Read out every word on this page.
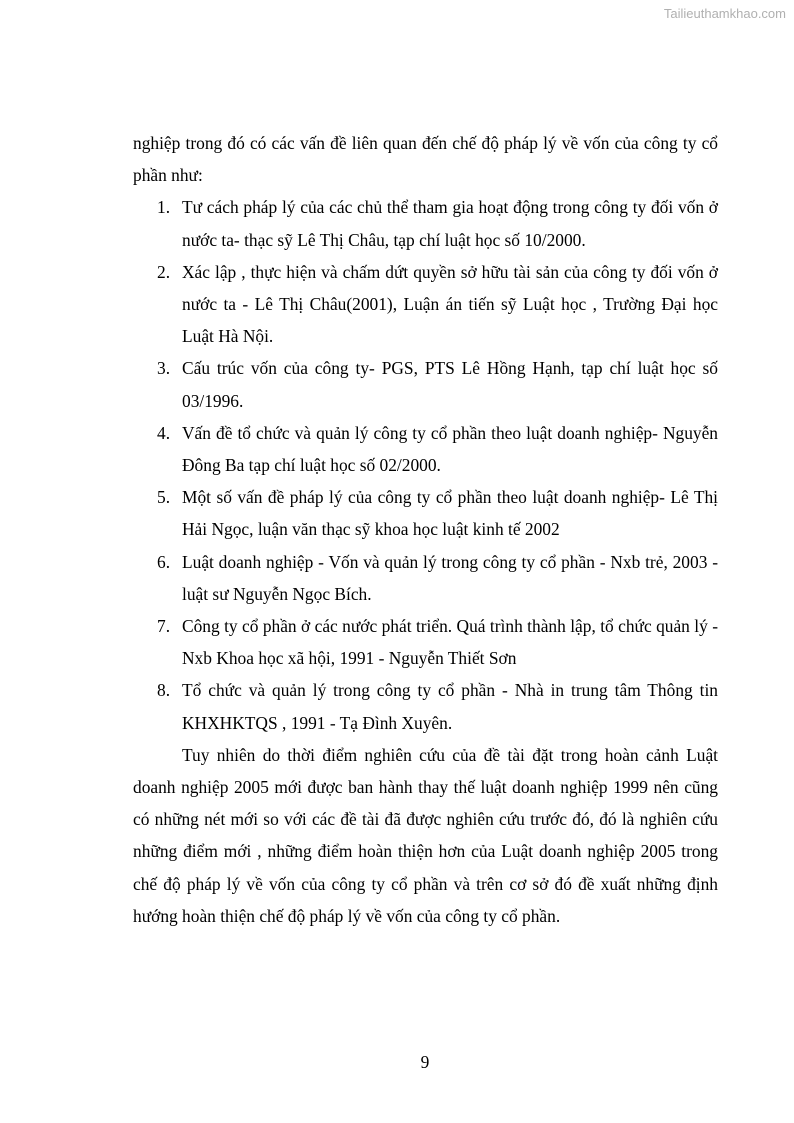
Tailieuthamkhao.com

nghiệp trong đó có các vấn đề liên quan đến chế độ pháp lý về vốn của công ty cổ phần như:

1. Tư cách pháp lý của các chủ thể tham gia hoạt động trong công ty đối vốn ở nước ta- thạc sỹ Lê Thị Châu, tạp chí luật học số 10/2000.
2. Xác lập , thực hiện và chấm dứt quyền sở hữu tài sản của công ty đối vốn ở nước ta - Lê Thị Châu(2001), Luận án tiến sỹ Luật học , Trường Đại học Luật Hà Nội.
3. Cấu trúc vốn của công ty- PGS, PTS Lê Hồng Hạnh, tạp chí luật học số 03/1996.
4. Vấn đề tổ chức và quản lý công ty cổ phần theo luật doanh nghiệp- Nguyễn Đông Ba tạp chí luật học số 02/2000.
5. Một số vấn đề pháp lý của công ty cổ phần theo luật doanh nghiệp- Lê Thị Hải Ngọc, luận văn thạc sỹ khoa học luật kinh tế 2002
6. Luật doanh nghiệp - Vốn và quản lý trong công ty cổ phần - Nxb trẻ, 2003 - luật sư Nguyễn Ngọc Bích.
7. Công ty cổ phần ở các nước phát triển. Quá trình thành lập, tổ chức quản lý - Nxb Khoa học xã hội, 1991 - Nguyễn Thiết Sơn
8. Tổ chức và quản lý trong công ty cổ phần - Nhà in trung tâm Thông tin KHXHKTQS , 1991 - Tạ Đình Xuyên.

Tuy nhiên do thời điểm nghiên cứu của đề tài đặt trong hoàn cảnh Luật doanh nghiệp 2005 mới được ban hành thay thế luật doanh nghiệp 1999 nên cũng có những nét mới so với các đề tài đã được nghiên cứu trước đó, đó là nghiên cứu những điểm mới , những điểm hoàn thiện hơn của Luật doanh nghiệp 2005 trong chế độ pháp lý về vốn của công ty cổ phần và trên cơ sở đó đề xuất những định hướng hoàn thiện chế độ pháp lý về vốn của công ty cổ phần.

9
